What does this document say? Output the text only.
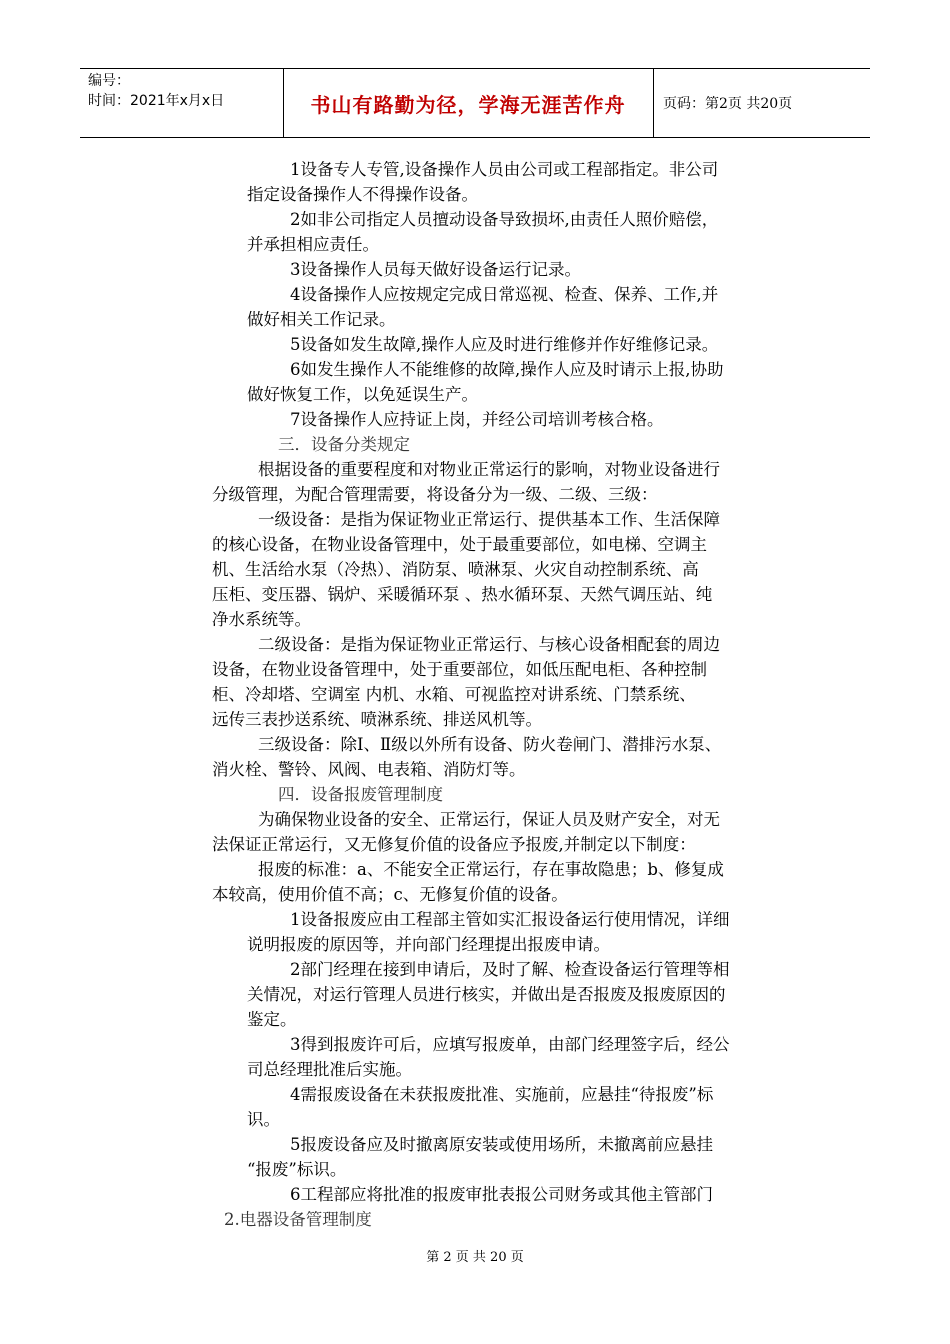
编号：
时间：2021年x月x日	书山有路勤为径，学海无涯苦作舟	页码：第2页 共20页
1设备专人专管,设备操作人员由公司或工程部指定。非公司
指定设备操作人不得操作设备。
2如非公司指定人员擅动设备导致损坏,由责任人照价赔偿，
并承担相应责任。
3设备操作人员每天做好设备运行记录。
4设备操作人应按规定完成日常巡视、检查、保养、工作,并
做好相关工作记录。
5设备如发生故障,操作人应及时进行维修并作好维修记录。
6如发生操作人不能维修的故障,操作人应及时请示上报,协助
做好恢复工作，以免延误生产。
7设备操作人应持证上岗，并经公司培训考核合格。
三．设备分类规定
根据设备的重要程度和对物业正常运行的影响，对物业设备进行
分级管理，为配合管理需要，将设备分为一级、二级、三级：
一级设备：是指为保证物业正常运行、提供基本工作、生活保障
的核心设备，在物业设备管理中，处于最重要部位，如电梯、空调主
机、生活给水泵（冷热）、消防泵、喷淋泵、火灾自动控制系统、高
压柜、变压器、锅炉、采暖循环泵 、热水循环泵、天然气调压站、纯
净水系统等。
二级设备：是指为保证物业正常运行、与核心设备相配套的周边
设备，在物业设备管理中，处于重要部位，如低压配电柜、各种控制
柜、冷却塔、空调室 内机、水箱、可视监控对讲系统、门禁系统、
远传三表抄送系统、喷淋系统、排送风机等。
三级设备：除Ⅰ、Ⅱ级以外所有设备、防火卷闸门、潜排污水泵、
消火栓、警铃、风阀、电表箱、消防灯等。
四．设备报废管理制度
为确保物业设备的安全、正常运行，保证人员及财产安全，对无
法保证正常运行，又无修复价值的设备应予报废,并制定以下制度：
报废的标准：a、不能安全正常运行，存在事故隐患；b、修复成
本较高，使用价值不高；c、无修复价值的设备。
1设备报废应由工程部主管如实汇报设备运行使用情况，详细
说明报废的原因等，并向部门经理提出报废申请。
2部门经理在接到申请后，及时了解、检查设备运行管理等相
关情况，对运行管理人员进行核实，并做出是否报废及报废原因的
鉴定。
3得到报废许可后，应填写报废单，由部门经理签字后，经公
司总经理批准后实施。
4需报废设备在未获报废批准、实施前，应悬挂“待报废”标
识。
5报废设备应及时撤离原安装或使用场所，未撤离前应悬挂
“报废”标识。
6工程部应将批准的报废审批表报公司财务或其他主管部门
2.电器设备管理制度
第 2 页 共 20 页
